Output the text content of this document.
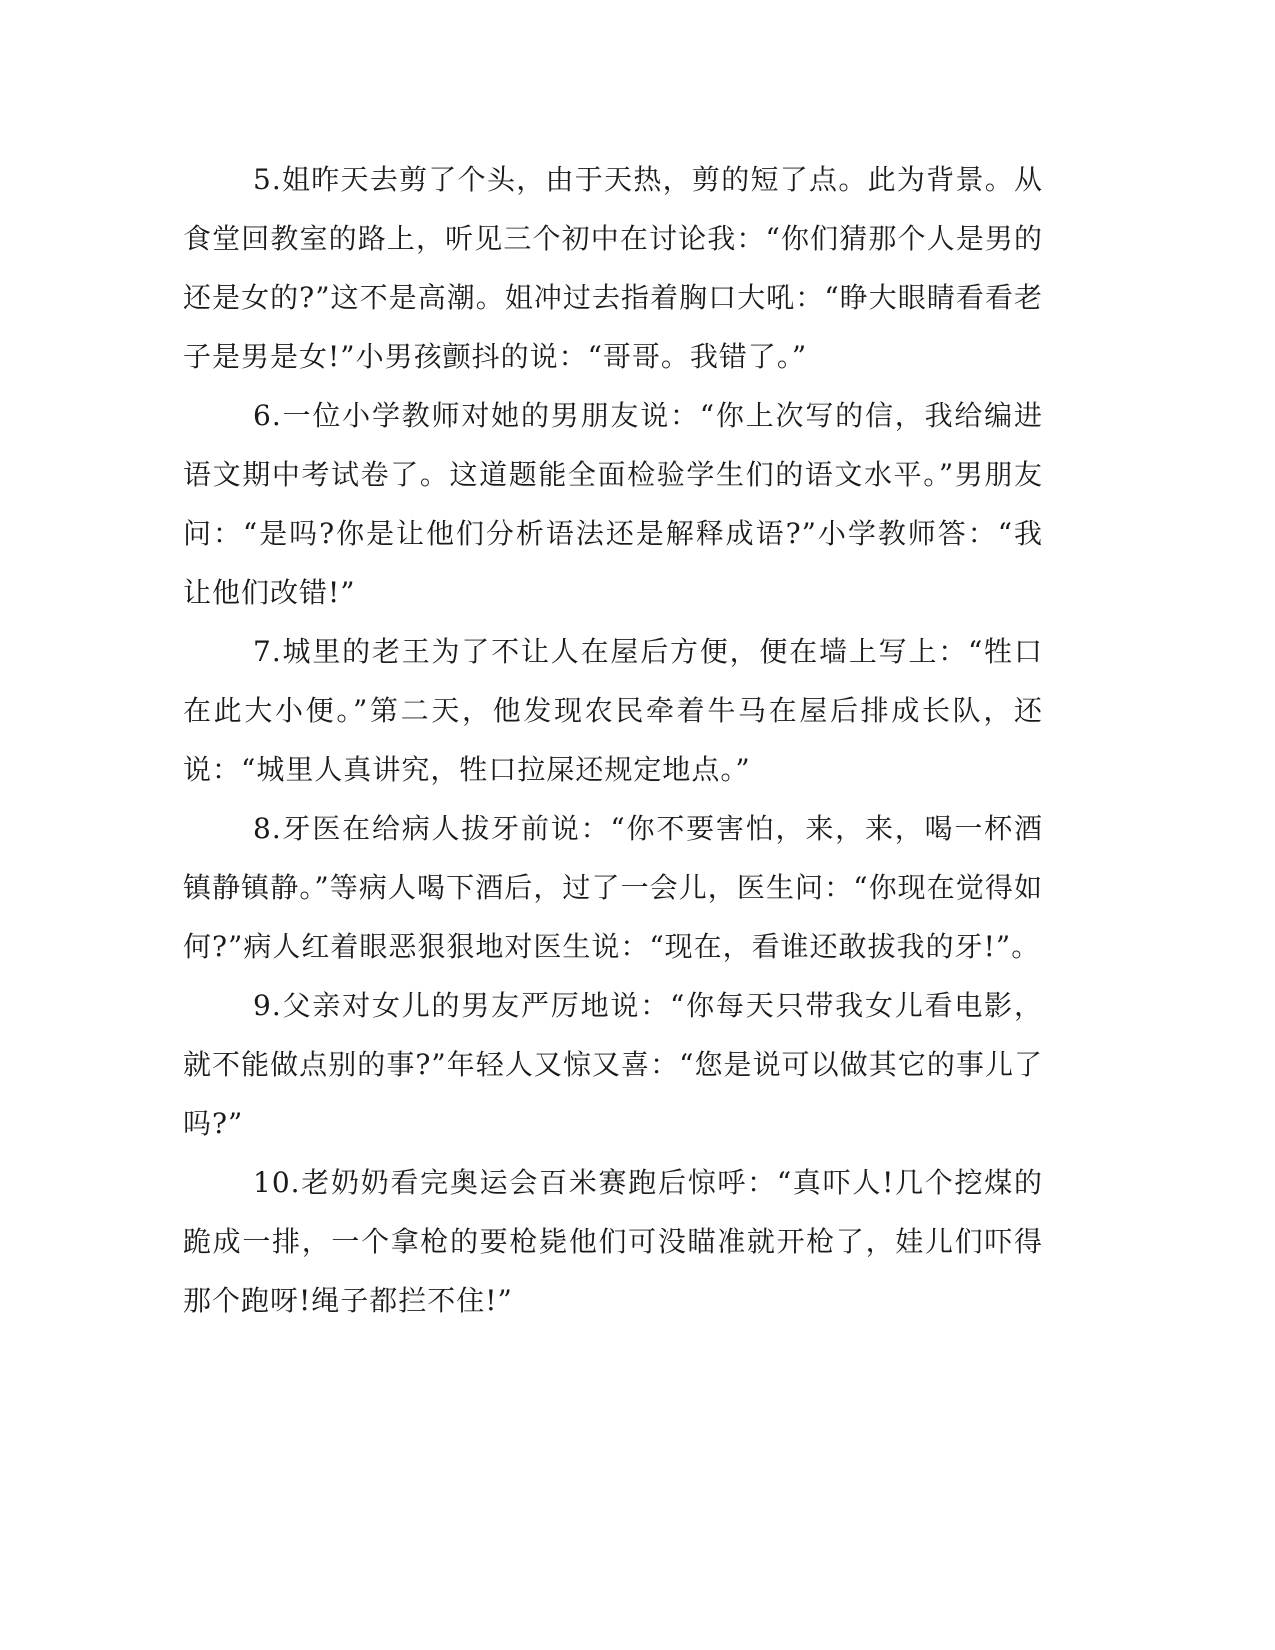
5.姐昨天去剪了个头，由于天热，剪的短了点。此为背景。从食堂回教室的路上，听见三个初中在讨论我：“你们猜那个人是男的还是女的?”这不是高潮。姐冲过去指着胸口大吼：“睁大眼睛看看老子是男是女!”小男孩颤抖的说：“哥哥。我错了。”

6.一位小学教师对她的男朋友说：“你上次写的信，我给编进语文期中考试卷了。这道题能全面检验学生们的语文水平。”男朋友问：“是吗?你是让他们分析语法还是解释成语?”小学教师答：“我让他们改错!”

7.城里的老王为了不让人在屋后方便，便在墙上写上：“牲口在此大小便。”第二天，他发现农民牵着牛马在屋后排成长队，还说：“城里人真讲究，牲口拉屎还规定地点。”

8.牙医在给病人拔牙前说：“你不要害怕，来，来，喝一杯酒镇静镇静。”等病人喝下酒后，过了一会儿，医生问：“你现在觉得如何?”病人红着眼恶狠狠地对医生说：“现在，看谁还敢拔我的牙!”。

9.父亲对女儿的男友严厉地说：“你每天只带我女儿看电影，就不能做点别的事?”年轻人又惊又喜：“您是说可以做其它的事儿了吗?”

10.老奶奶看完奥运会百米赛跑后惊呼：“真吓人!几个挖煤的跪成一排，一个拿枪的要枪毙他们可没瞄准就开枪了，娃儿们吓得那个跑呀!绳子都拦不住!”
